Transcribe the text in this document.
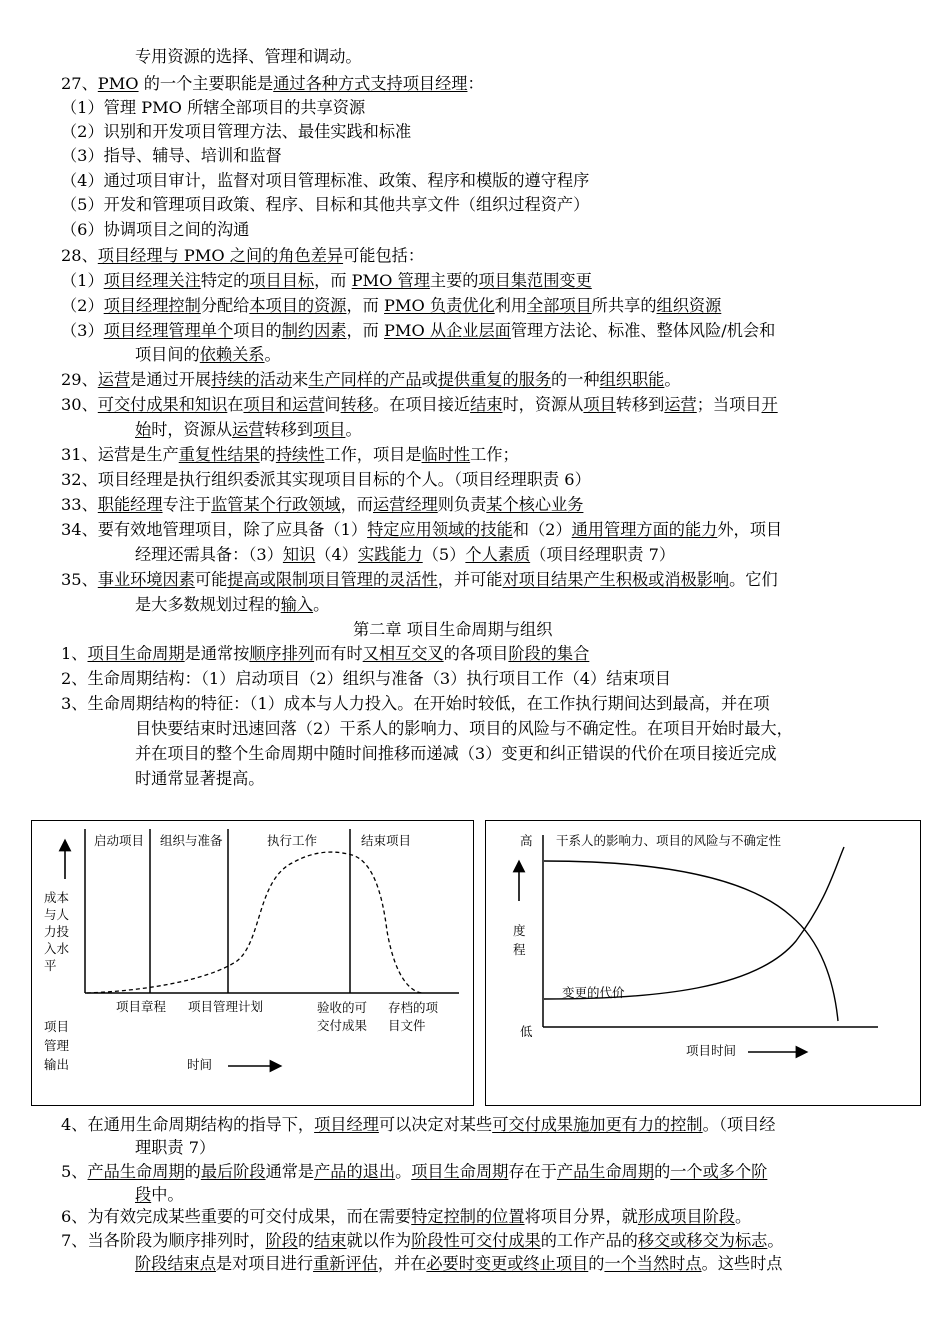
专用资源的选择、管理和调动。
27、PMO 的一个主要职能是通过各种方式支持项目经理：
（1）管理 PMO 所辖全部项目的共享资源
（2）识别和开发项目管理方法、最佳实践和标准
（3）指导、辅导、培训和监督
（4）通过项目审计，监督对项目管理标准、政策、程序和模版的遵守程序
（5）开发和管理项目政策、程序、目标和其他共享文件（组织过程资产）
（6）协调项目之间的沟通
28、项目经理与 PMO 之间的角色差异可能包括：
（1）项目经理关注特定的项目目标，而 PMO 管理主要的项目集范围变更
（2）项目经理控制分配给本项目的资源，而 PMO 负责优化利用全部项目所共享的组织资源
（3）项目经理管理单个项目的制约因素，而 PMO 从企业层面管理方法论、标准、整体风险/机会和
项目间的依赖关系。
29、运营是通过开展持续的活动来生产同样的产品或提供重复的服务的一种组织职能。
30、可交付成果和知识在项目和运营间转移。在项目接近结束时，资源从项目转移到运营；当项目开
始时，资源从运营转移到项目。
31、运营是生产重复性结果的持续性工作，项目是临时性工作；
32、项目经理是执行组织委派其实现项目目标的个人。（项目经理职责 6）
33、职能经理专注于监管某个行政领域，而运营经理则负责某个核心业务
34、要有效地管理项目，除了应具备（1）特定应用领域的技能和（2）通用管理方面的能力外，项目
经理还需具备：（3）知识（4）实践能力（5）个人素质（项目经理职责 7）
35、事业环境因素可能提高或限制项目管理的灵活性，并可能对项目结果产生积极或消极影响。它们
是大多数规划过程的输入。
第二章 项目生命周期与组织
1、项目生命周期是通常按顺序排列而有时又相互交叉的各项目阶段的集合
2、生命周期结构：（1）启动项目（2）组织与准备（3）执行项目工作（4）结束项目
3、生命周期结构的特征：（1）成本与人力投入。在开始时较低，在工作执行期间达到最高，并在项
目快要结束时迅速回落（2）干系人的影响力、项目的风险与不确定性。在项目开始时最大，
并在项目的整个生命周期中随时间推移而递减（3）变更和纠正错误的代价在项目接近完成
时通常显著提高。
4、在通用生命周期结构的指导下，项目经理可以决定对某些可交付成果施加更有力的控制。（项目经
理职责 7）
5、产品生命周期的最后阶段通常是产品的退出。项目生命周期存在于产品生命周期的一个或多个阶
段中。
6、为有效完成某些重要的可交付成果，而在需要特定控制的位置将项目分界，就形成项目阶段。
7、当各阶段为顺序排列时，阶段的结束就以作为阶段性可交付成果的工作产品的移交或移交为标志。
阶段结束点是对项目进行重新评估，并在必要时变更或终止项目的一个当然时点。这些时点
启动项目 组织与准备	执行工作	结束项目
成本与人力投入水平
项目章程 项目管理计划	验收的可交付成果
存档的项目文件
项目管理输出	时间
高 干系人的影响力、项目的风险与不确定性
度程
变更的代价
低
项目时间
